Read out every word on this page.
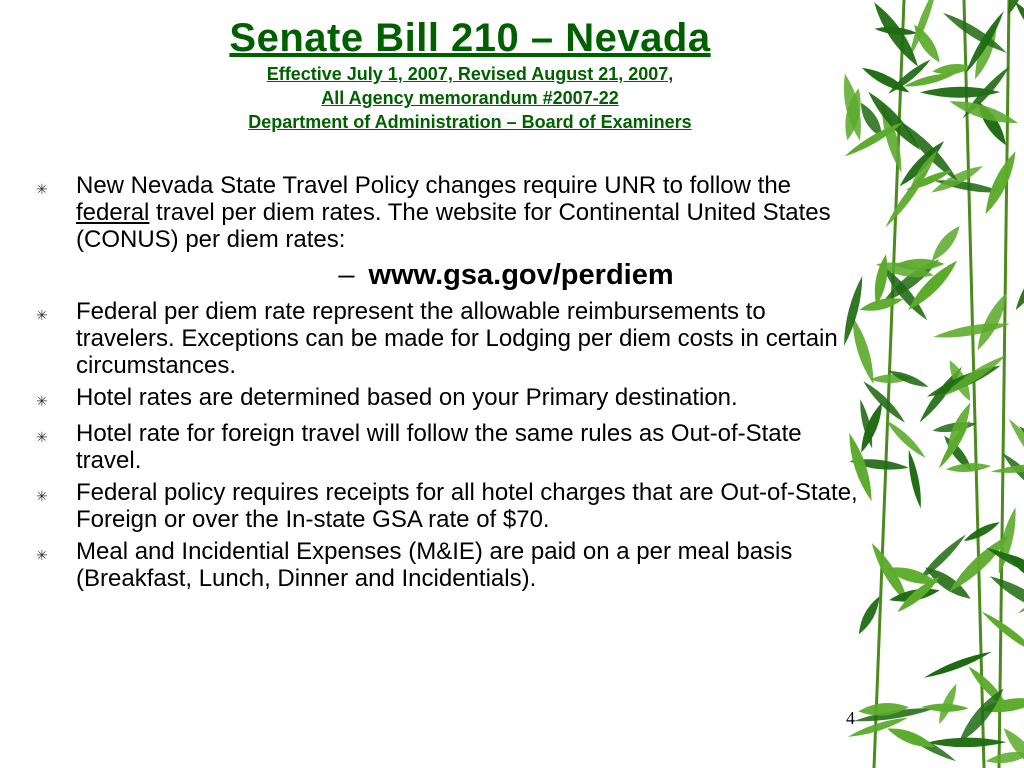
Senate Bill 210 – Nevada

Effective July 1, 2007, Revised August 21, 2007,

All Agency memorandum #2007-22

Department of Administration – Board of Examiners

✳	New Nevada State Travel Policy changes require UNR to follow the federal travel per diem rates. The website for Continental United States (CONUS) per diem rates:
– www.gsa.gov/perdiem
✳	Federal per diem rate represent the allowable reimbursements to travelers. Exceptions can be made for Lodging per diem costs in certain circumstances.
✳	Hotel rates are determined based on your Primary destination.
✳	Hotel rate for foreign travel will follow the same rules as Out-of-State travel.
✳	Federal policy requires receipts for all hotel charges that are Out-of-State, Foreign or over the In-state GSA rate of $70.
✳	Meal and Incidential Expenses (M&IE) are paid on a per meal basis (Breakfast, Lunch, Dinner and Incidentials).
4
